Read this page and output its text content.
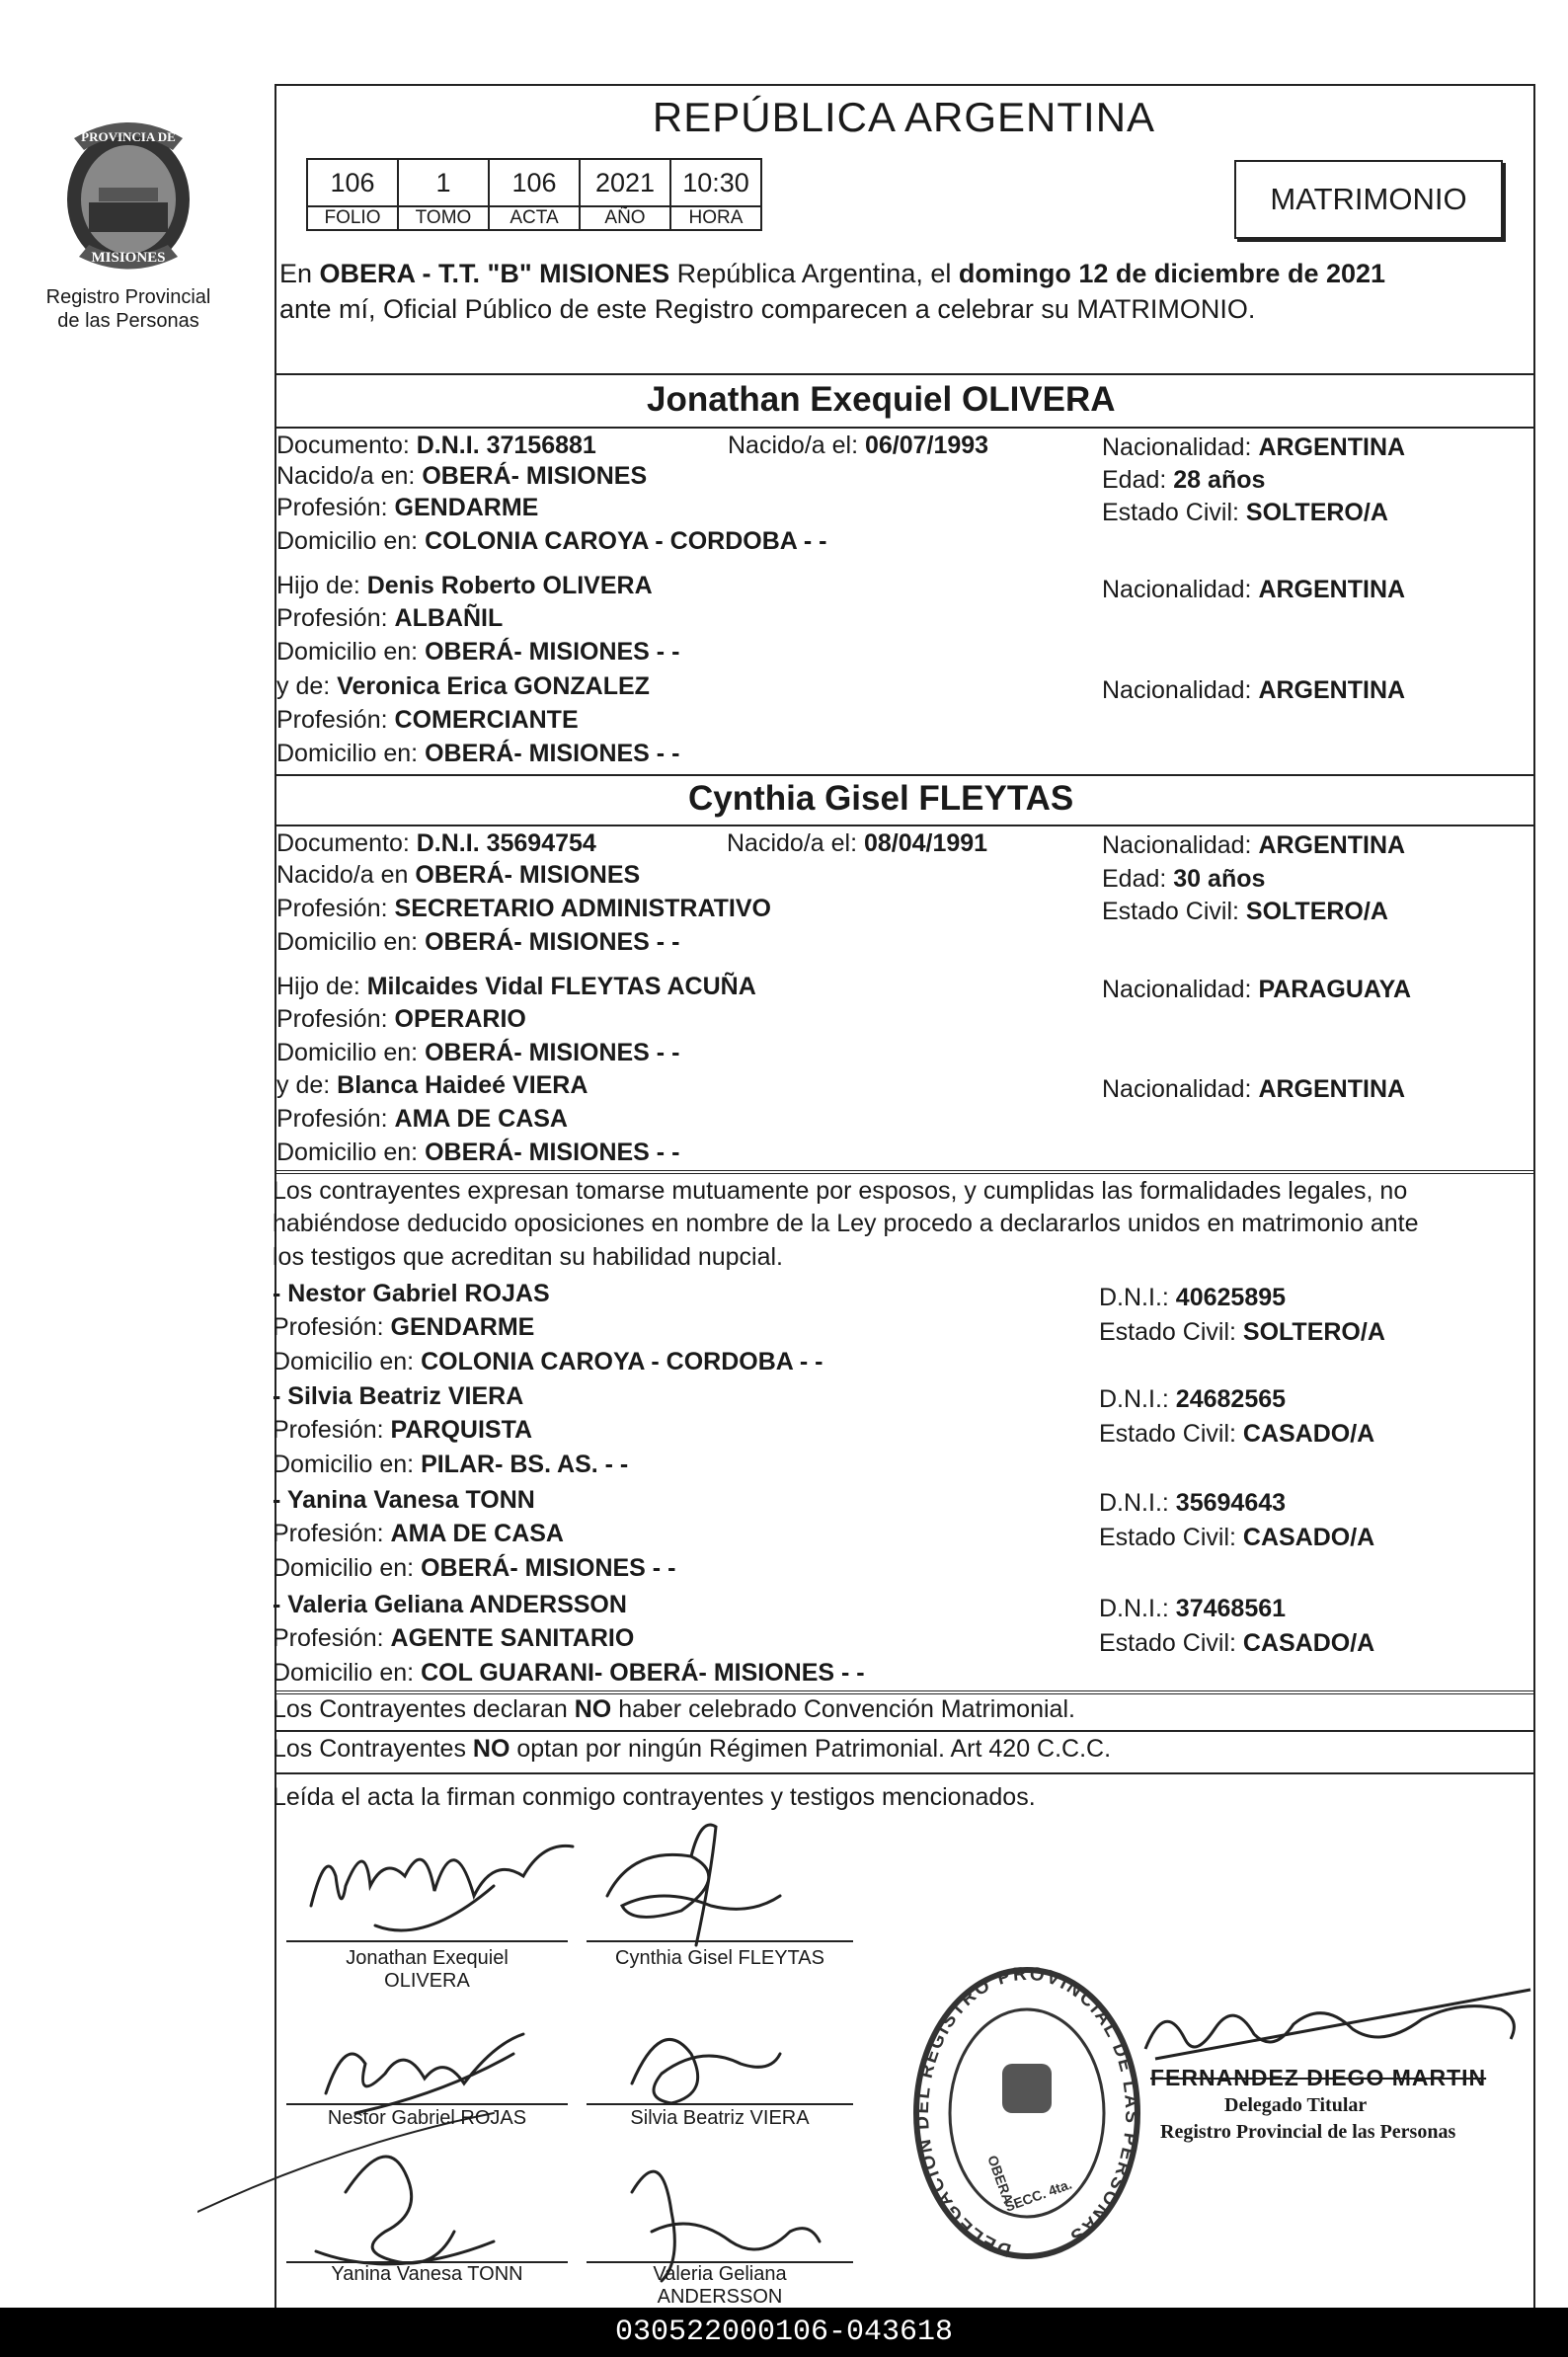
PROVINCIA DE
MISIONES
Registro Provincial
de las Personas
REPÚBLICA ARGENTINA
106	1	106	2021	10:30
FOLIO	TOMO	ACTA	AÑO	HORA
MATRIMONIO
En OBERA - T.T. "B" MISIONES República Argentina, el domingo 12 de diciembre de 2021
ante mí, Oficial Público de este Registro comparecen a celebrar su MATRIMONIO.
Jonathan Exequiel OLIVERA
Documento: D.N.I. 37156881	Nacido/a el: 06/07/1993	Nacionalidad: ARGENTINA
Nacido/a en: OBERÁ- MISIONES	Edad: 28 años
Profesión: GENDARME	Estado Civil: SOLTERO/A
Domicilio en: COLONIA CAROYA - CORDOBA - -
Hijo de: Denis Roberto OLIVERA	Nacionalidad: ARGENTINA
Profesión: ALBAÑIL
Domicilio en: OBERÁ- MISIONES - -
y de: Veronica Erica GONZALEZ	Nacionalidad: ARGENTINA
Profesión: COMERCIANTE
Domicilio en: OBERÁ- MISIONES - -
Cynthia Gisel FLEYTAS
Documento: D.N.I. 35694754	Nacido/a el: 08/04/1991	Nacionalidad: ARGENTINA
Nacido/a en OBERÁ- MISIONES	Edad: 30 años
Profesión: SECRETARIO ADMINISTRATIVO	Estado Civil: SOLTERO/A
Domicilio en: OBERÁ- MISIONES - -
Hijo de: Milcaides Vidal FLEYTAS ACUÑA	Nacionalidad: PARAGUAYA
Profesión: OPERARIO
Domicilio en: OBERÁ- MISIONES - -
y de: Blanca Haideé VIERA	Nacionalidad: ARGENTINA
Profesión: AMA DE CASA
Domicilio en: OBERÁ- MISIONES - -
Los contrayentes expresan tomarse mutuamente por esposos, y cumplidas las formalidades legales, no
habiéndose deducido oposiciones en nombre de la Ley procedo a declararlos unidos en matrimonio ante
los testigos que acreditan su habilidad nupcial.
- Nestor Gabriel ROJAS
Profesión: GENDARME
Domicilio en: COLONIA CAROYA - CORDOBA - -
D.N.I.: 40625895
Estado Civil: SOLTERO/A
- Silvia Beatriz VIERA
Profesión: PARQUISTA
Domicilio en: PILAR- BS. AS. - -
D.N.I.: 24682565
Estado Civil: CASADO/A
- Yanina Vanesa TONN
Profesión: AMA DE CASA
Domicilio en: OBERÁ- MISIONES - -
D.N.I.: 35694643
Estado Civil: CASADO/A
- Valeria Geliana ANDERSSON
Profesión: AGENTE SANITARIO
Domicilio en: COL GUARANI- OBERÁ- MISIONES - -
D.N.I.: 37468561
Estado Civil: CASADO/A
Los Contrayentes declaran NO haber celebrado Convención Matrimonial.
Los Contrayentes NO optan por ningún Régimen Patrimonial. Art 420 C.C.C.
Leída el acta la firman conmigo contrayentes y testigos mencionados.
Jonathan Exequiel
OLIVERA
Cynthia Gisel FLEYTAS
Nestor Gabriel ROJAS	Silvia Beatriz VIERA
Yanina Vanesa TONN	Valeria Geliana
ANDERSSON
DELEGACION DEL REGISTRO PROVINCIAL DE LAS PERSONAS
OBERA
SECC. 4ta.
FERNANDEZ DIEGO MARTIN
Delegado Titular
Registro Provincial de las Personas
030522000106-043618
